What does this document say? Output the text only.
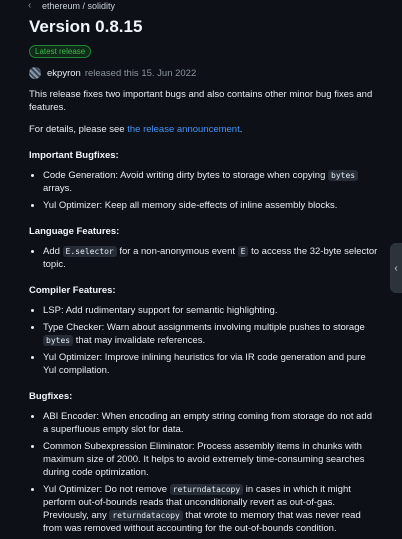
‹ ethereum / solidity
Version 0.8.15
Latest release
ekpyron released this 15. Jun 2022

This release fixes two important bugs and also contains other minor bug fixes and features.

For details, please see the release announcement.

Important Bugfixes:
• Code Generation: Avoid writing dirty bytes to storage when copying bytes arrays.
• Yul Optimizer: Keep all memory side-effects of inline assembly blocks.
Language Features:
• Add E.selector for a non-anonymous event E to access the 32-byte selector topic.
Compiler Features:
• LSP: Add rudimentary support for semantic highlighting.
• Type Checker: Warn about assignments involving multiple pushes to storage bytes that may invalidate references.
• Yul Optimizer: Improve inlining heuristics for via IR code generation and pure Yul compilation.
Bugfixes:
• ABI Encoder: When encoding an empty string coming from storage do not add a superfluous empty slot for data.
• Common Subexpression Eliminator: Process assembly items in chunks with maximum size of 2000. It helps to avoid extremely time-consuming searches during code optimization.
• Yul Optimizer: Do not remove returndatacopy in cases in which it might perform out-of-bounds reads that unconditionally revert as out-of-gas. Previously, any returndatacopy that wrote to memory that was never read from was removed without accounting for the out-of-bounds condition.
‹
